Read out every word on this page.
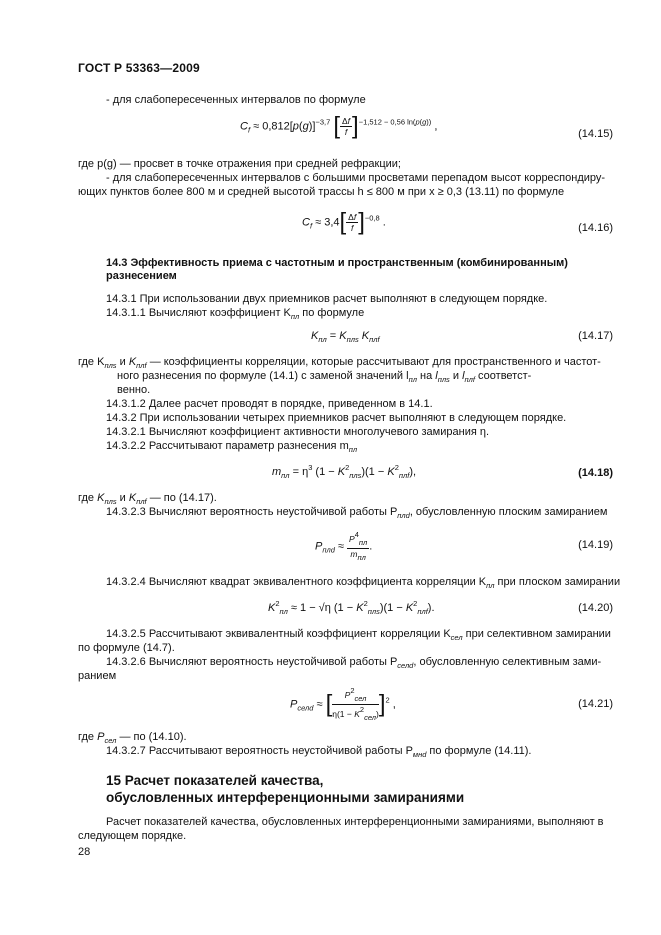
ГОСТ Р 53363—2009
- для слабопересеченных интервалов по формуле
$C_f \approx 0,812[p(g)]^{-3,7}$ [ $\frac{\Delta f}{f} ]^{-1,512 - 0,56 ln(p(g))}$ ,
(14.15)
где p(g) — просвет в точке отражения при средней рефракции;
- для слабопересеченных интервалов с большими просветами перепадом высот корреспондиру-
ющих пунктов более 800 м и средней высотой трассы h ≤ 800 м при x ≥ 0,3 (13.11) по формуле
$C_f \approx 3,4[ \frac{\Delta f}{f} ]^{-0,8}$ .	(14.16)
14.3 Эффективность приема с частотным и пространственным (комбинированным)
разнесением
14.3.1 При использовании двух приемников расчет выполняют в следующем порядке.
14.3.1.1 Вычисляют коэффициент $K_{пл}$ по формуле
$K_{пл} = K_{плs}$ $K_{плf}$	(14.17)
где $K_{плs}$ и $K_{плf}$ — коэффициенты корреляции, которые рассчитывают для пространственного и частот-
ного разнесения по формуле (14.1) с заменой значений $l_{пл}$ на $l_{плs}$ и $l_{плf}$ соответст-
венно.
14.3.1.2 Далее расчет проводят в порядке, приведенном в 14.1.
14.3.2 При использовании четырех приемников расчет выполняют в следующем порядке.
14.3.2.1 Вычисляют коэффициент активности многолучевого замирания η.
14.3.2.2 Рассчитывают параметр разнесения $m_{пл}$
$m_{пл} = \eta^3$ $(1 - K^2_{плs})(1 - K^2_{плf})$,	(14.18)
где $K_{плs}$ и $K_{плf}$ — по (14.17).
14.3.2.3 Вычисляют вероятность неустойчивой работы $P_{плd}$, обусловленную плоским замиранием
$P_{плd} \approx \frac{P^4_{пл}}{m_{пл}}$ .	(14.19)
14.3.2.4 Вычисляют квадрат эквивалентного коэффициента корреляции $K_{пл}$ при плоском замирании
$K^2_{пл} \approx 1 - √\eta$ $(1 - K^2_{плs})(1 - K^2_{плf})$.	(14.20)
14.3.2.5 Рассчитывают эквивалентный коэффициент корреляции $K_{сел}$ при селективном замирании
по формуле (14.7).
14.3.2.6 Вычисляют вероятность неустойчивой работы $P_{селd}$, обусловленную селективным зами-
ранием
$P_{селd}$ ≈ [ $\frac{P^2_{сел}}{\eta(1 - K^2_{сел})} ]^2$ ,	(14.21)
где $P_{сел}$ — по (14.10).
14.3.2.7 Рассчитывают вероятность неустойчивой работы $P_{мнd}$ по формуле (14.11).
15 Расчет показателей качества,
обусловленных интерференционными замираниями
Расчет показателей качества, обусловленных интерференционными замираниями, выполняют в
следующем порядке.
28
